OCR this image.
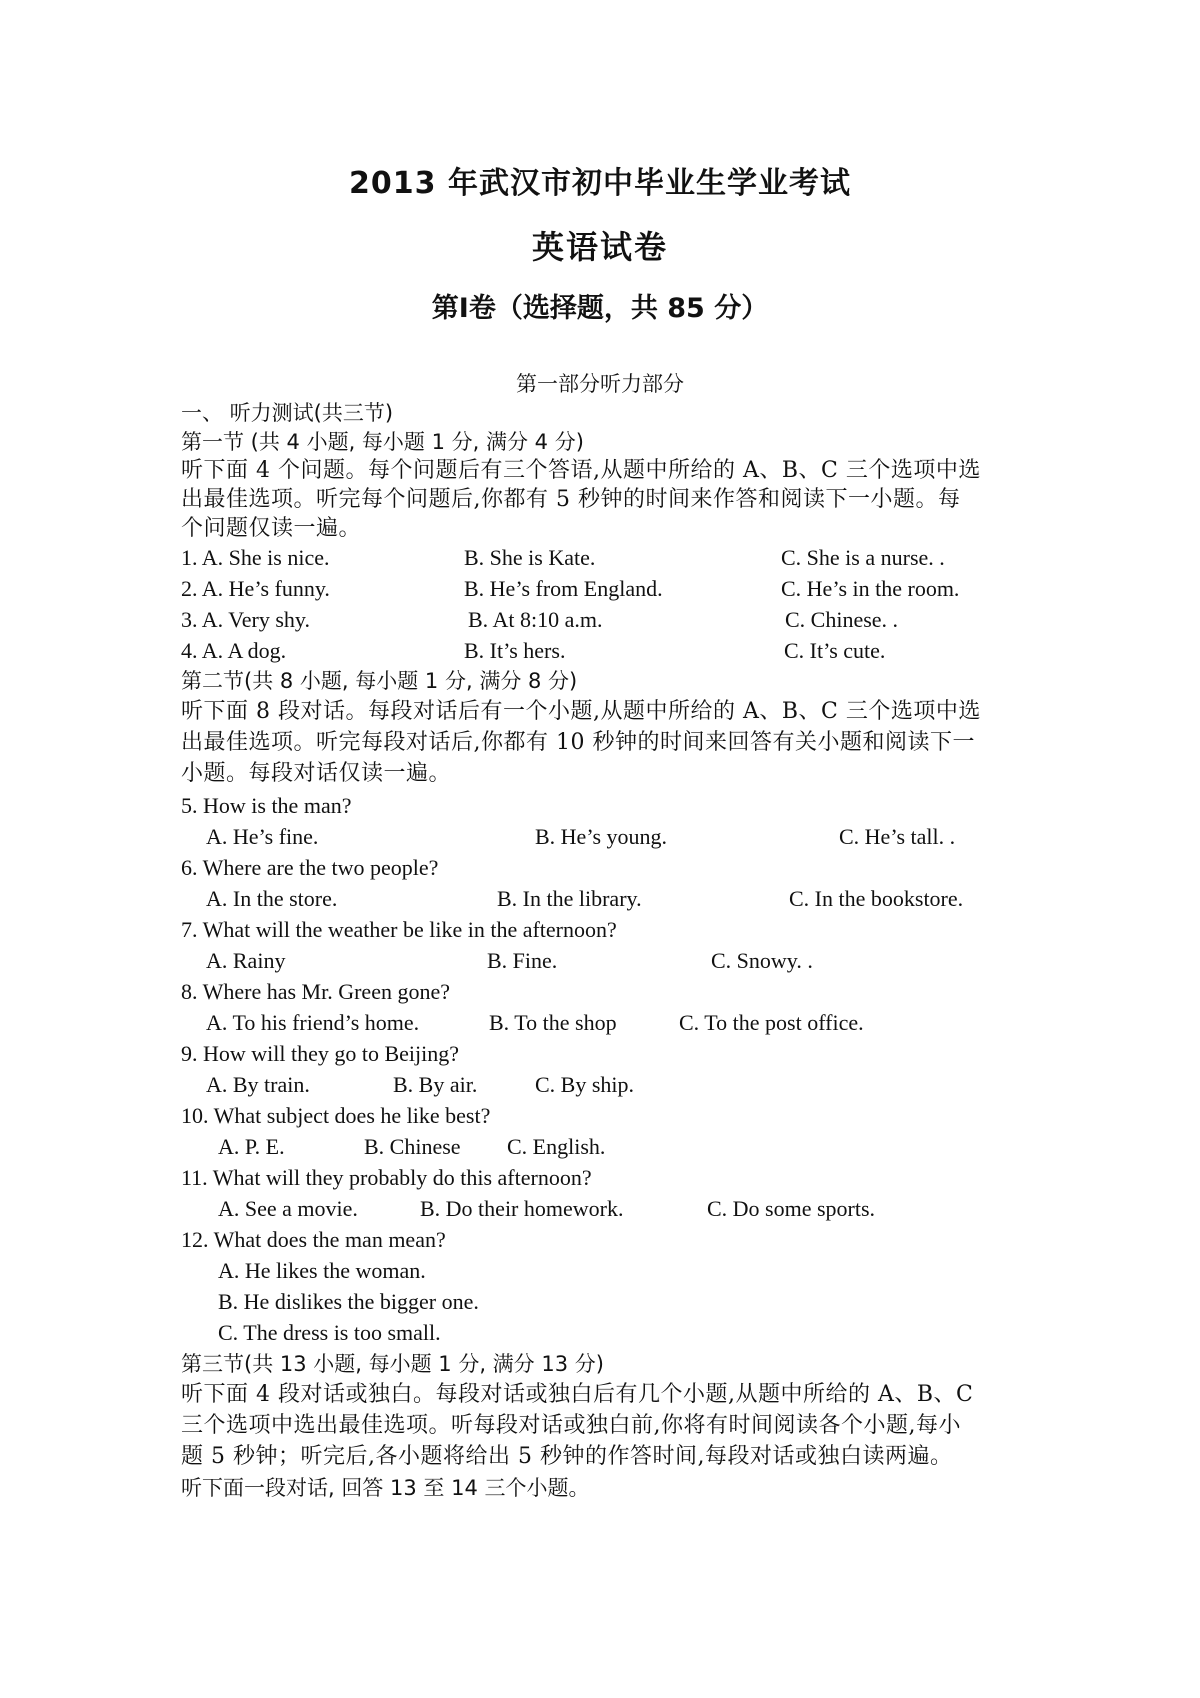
2013 年武汉市初中毕业生学业考试
英语试卷
第Ⅰ卷（选择题，共 85 分）
第一部分听力部分
一、 听力测试(共三节)
第一节 (共 4 小题, 每小题 1 分, 满分 4 分)
听下面 4 个问题。每个问题后有三个答语,从题中所给的 A、B、C 三个选项中选
出最佳选项。听完每个问题后,你都有 5 秒钟的时间来作答和阅读下一小题。每
个问题仅读一遍。
1. A. She is nice.	B. She is Kate.	C. She is a nurse. .
2. A. He’s funny.	B. He’s from England.	C. He’s in the room.
3. A. Very shy.	B. At 8:10 a.m.	C. Chinese. .
4. A. A dog.	B. It’s hers.	C. It’s cute.
第二节(共 8 小题, 每小题 1 分, 满分 8 分)
听下面 8 段对话。每段对话后有一个小题,从题中所给的 A、B、C 三个选项中选
出最佳选项。听完每段对话后,你都有 10 秒钟的时间来回答有关小题和阅读下一
小题。每段对话仅读一遍。
5. How is the man?
A. He’s fine.	B. He’s young.	C. He’s tall. .
6. Where are the two people?
A. In the store.	B. In the library.	C. In the bookstore.
7. What will the weather be like in the afternoon?
A. Rainy	B. Fine.	C. Snowy. .
8. Where has Mr. Green gone?
A. To his friend’s home.	B. To the shop	C. To the post office.
9. How will they go to Beijing?
A. By train.	B. By air.	C. By ship.
10. What subject does he like best?
A. P. E.	B. Chinese C. English.
11. What will they probably do this afternoon?
A. See a movie.	B. Do their homework.	C. Do some sports.
12. What does the man mean?
A. He likes the woman.
B. He dislikes the bigger one.
C. The dress is too small.
第三节(共 13 小题, 每小题 1 分, 满分 13 分)
听下面 4 段对话或独白。每段对话或独白后有几个小题,从题中所给的 A、B、C
三个选项中选出最佳选项。听每段对话或独白前,你将有时间阅读各个小题,每小
题 5 秒钟；听完后,各小题将给出 5 秒钟的作答时间,每段对话或独白读两遍。
听下面一段对话, 回答 13 至 14 三个小题。
